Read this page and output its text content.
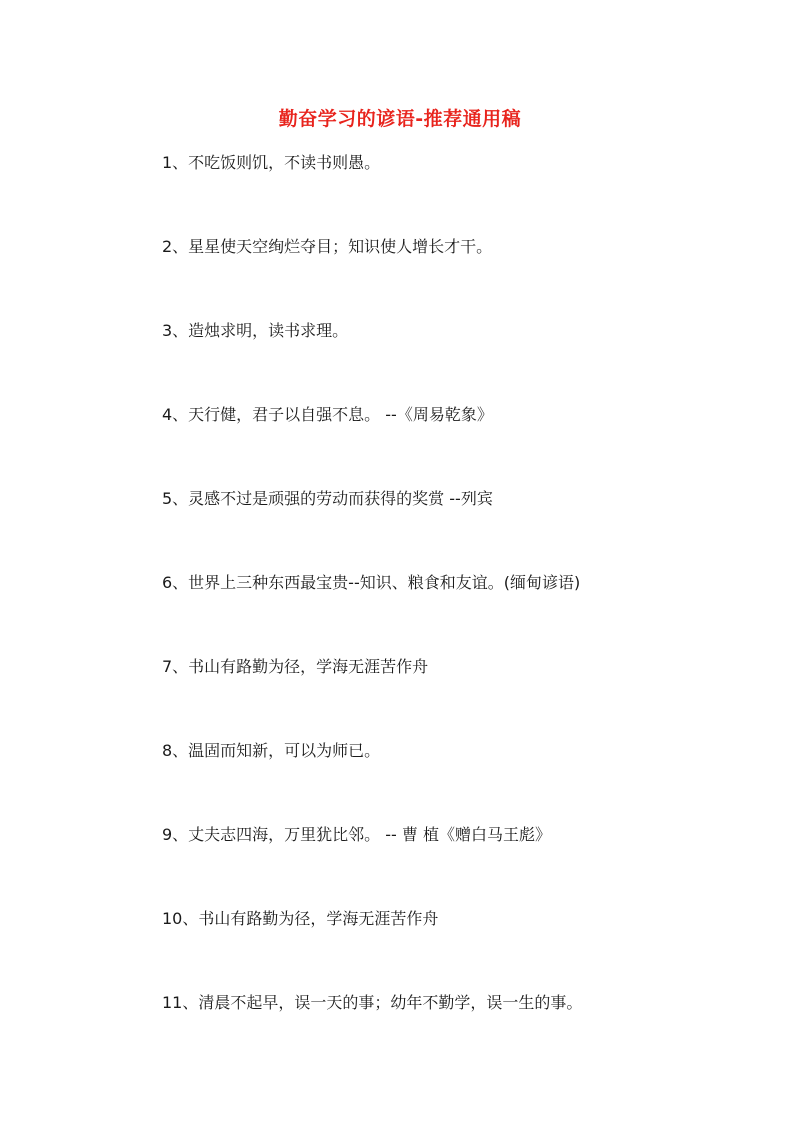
勤奋学习的谚语-推荐通用稿
1、不吃饭则饥，不读书则愚。
2、星星使天空绚烂夺目；知识使人增长才干。
3、造烛求明，读书求理。
4、天行健，君子以自强不息。 --《周易乾象》
5、灵感不过是顽强的劳动而获得的奖赏 --列宾
6、世界上三种东西最宝贵--知识、粮食和友谊。(缅甸谚语)
7、书山有路勤为径，学海无涯苦作舟
8、温固而知新，可以为师已。
9、丈夫志四海，万里犹比邻。 -- 曹 植《赠白马王彪》
10、书山有路勤为径，学海无涯苦作舟
11、清晨不起早，误一天的事；幼年不勤学，误一生的事。
